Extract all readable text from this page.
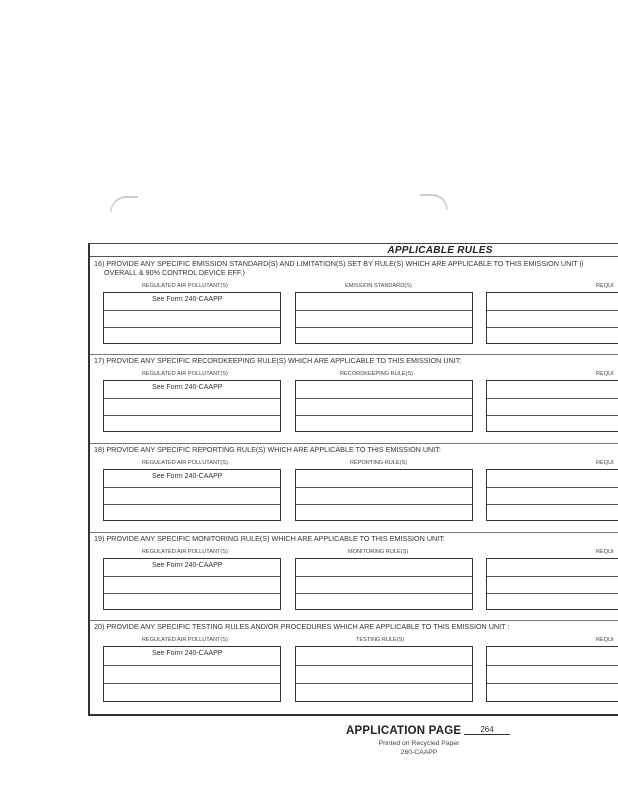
APPLICABLE RULES
16) PROVIDE ANY SPECIFIC EMISSION STANDARD(S) AND LIMITATION(S) SET BY RULE(S) WHICH ARE APPLICABLE TO THIS EMISSION UNIT (i
OVERALL & 90% CONTROL DEVICE EFF.)
REGULATED AIR POLLUTANT(S)	EMISSION STANDARD(S)	REQUI
See Form 240-CAAPP
17) PROVIDE ANY SPECIFIC RECORDKEEPING RULE(S) WHICH ARE APPLICABLE TO THIS EMISSION UNIT:
REGULATED AIR POLLUTANT(S)	RECORDKEEPING RULE(S)	REQUI
See Form 240-CAAPP
18) PROVIDE ANY SPECIFIC REPORTING RULE(S) WHICH ARE APPLICABLE TO THIS EMISSION UNIT:
REGULATED AIR POLLUTANT(S)	REPORTING RULE(S)	REQUI
See Form 240-CAAPP
19) PROVIDE ANY SPECIFIC MONITORING RULE(S) WHICH ARE APPLICABLE TO THIS EMISSION UNIT:
REGULATED AIR POLLUTANT(S)	MONITORING RULE(S)	REQUI
See Form 240-CAAPP
20) PROVIDE ANY SPECIFIC TESTING RULES AND/OR PROCEDURES WHICH ARE APPLICABLE TO THIS EMISSION UNIT :
REGULATED AIR POLLUTANT(S)	TESTING RULE(S)	REQUI
See Form 240-CAAPP
APPLICATION PAGE	264
Printed on Recycled Paper
260-CAAPP
